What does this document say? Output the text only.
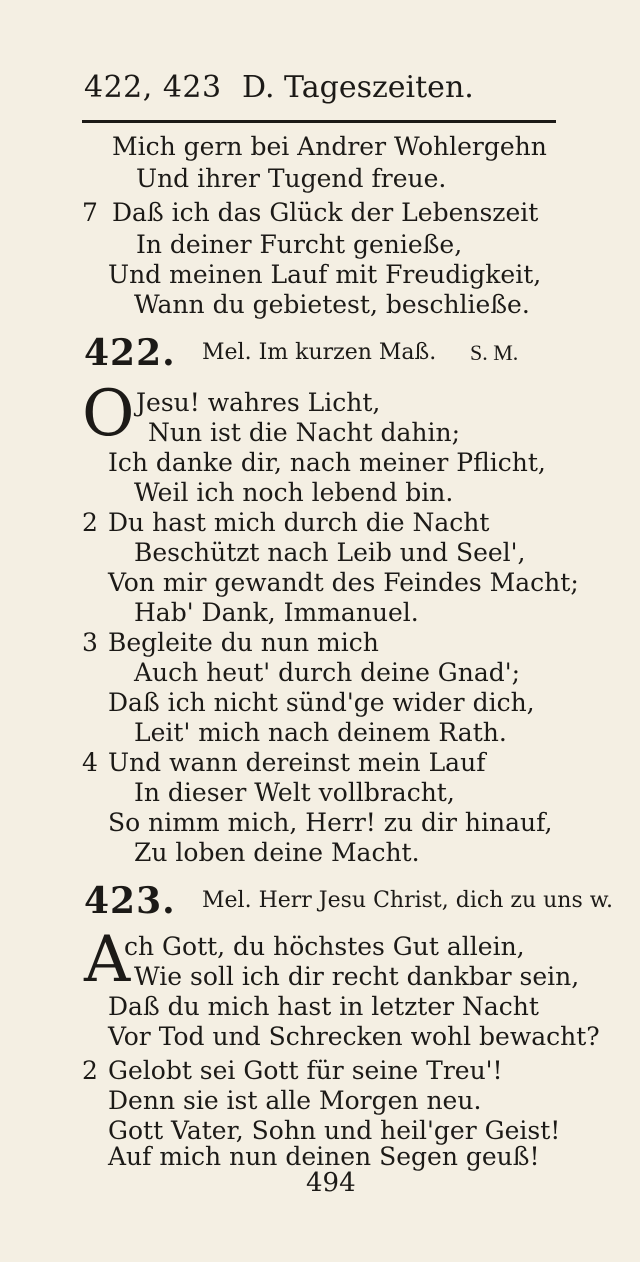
422, 423 D. Tageszeiten.
Mich gern bei Andrer Wohlergehn
Und ihrer Tugend freue.
7 Daß ich das Glück der Lebenszeit
In deiner Furcht genieße,
Und meinen Lauf mit Freudigkeit,
Wann du gebietest, beschließe.
422. Mel. Im kurzen Maß. S. M.
O Jesu! wahres Licht,
Nun ist die Nacht dahin;
Ich danke dir, nach meiner Pflicht,
Weil ich noch lebend bin.
2 Du hast mich durch die Nacht
Beschützt nach Leib und Seel',
Von mir gewandt des Feindes Macht;
Hab' Dank, Immanuel.
3 Begleite du nun mich
Auch heut' durch deine Gnad';
Daß ich nicht sünd'ge wider dich,
Leit' mich nach deinem Rath.
4 Und wann dereinst mein Lauf
In dieser Welt vollbracht,
So nimm mich, Herr! zu dir hinauf,
Zu loben deine Macht.
423. Mel. Herr Jesu Christ, dich zu uns w.
A
ch Gott, du höchstes Gut allein,
Wie soll ich dir recht dankbar sein,
Daß du mich hast in letzter Nacht
Vor Tod und Schrecken wohl bewacht?
2 Gelobt sei Gott für seine Treu'!
Denn sie ist alle Morgen neu.
Gott Vater, Sohn und heil'ger Geist!
Auf mich nun deinen Segen geuß!
494
